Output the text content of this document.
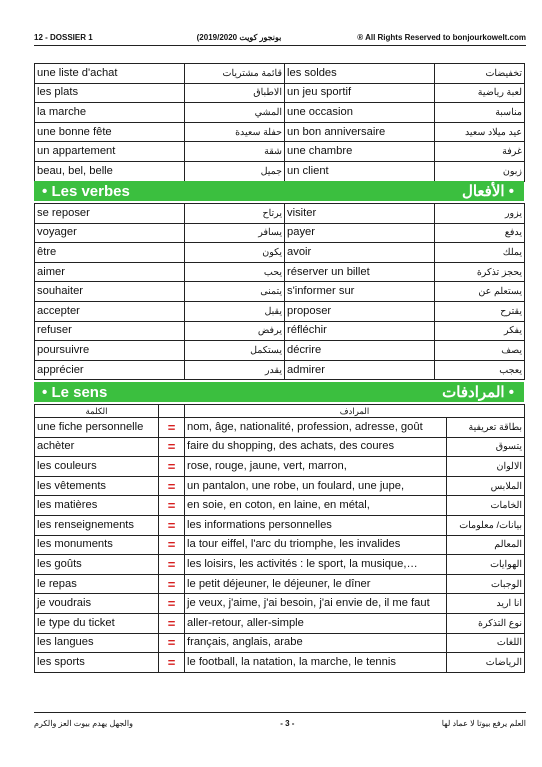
12 - DOSSIER 1	(2019/2020 بونجور كويت	® All Rights Reserved to bonjourkowelt.com
une liste d'achat	قائمة مشتريات	les soldes	تخفيضات
les plats	الاطباق	un jeu sportif	لعبة رياضية
la marche	المشي	une occasion	مناسبة
une bonne fête	حفلة سعيدة	un bon anniversaire	عيد ميلاد سعيد
un appartement	شقة	une chambre	غرفة
beau, bel, belle	جميل	un client	زبون
• Les verbes	الأفعال •
se reposer	يرتاح	visiter	يزور
voyager	يسافر	payer	يدفع
être	يكون	avoir	يملك
aimer	يحب	réserver un billet	يحجز تذكرة
souhaiter	يتمنى	s'informer sur	يستعلم عن
accepter	يقبل	proposer	يقترح
refuser	يرفض	réfléchir	يفكر
poursuivre	يستكمل	décrire	يصف
apprécier	يقدر	admirer	يعجب
• Le sens	المرادفات •
الكلمة		المرادف	
une fiche personnelle	=	nom, âge, nationalité, profession, adresse, goût	بطاقة تعريفية
achèter	=	faire du shopping, des achats, des coures	يتسوق
les couleurs	=	rose, rouge, jaune, vert, marron,	الالوان
les vêtements	=	un pantalon, une robe, un foulard, une jupe,	الملابس
les matières	=	en soie, en coton, en laine, en métal,	الخامات
les renseignements	=	les informations personnelles	بيانات/ معلومات
les monuments	=	la tour eiffel, l'arc du triomphe, les invalides	المعالم
les goûts	=	les loisirs, les activités : le sport, la musique,…	الهوايات
le repas	=	le petit déjeuner, le déjeuner, le dîner	الوجبات
je voudrais	=	je veux, j'aime, j'ai besoin, j'ai envie de, il me faut	انا اريد
le type du ticket	=	aller-retour, aller-simple	نوع التذكرة
les langues	=	français, anglais, arabe	اللغات
les sports	=	le football, la natation, la marche, le tennis	الرياضات
والجهل يهدم بيوت العز والكرم	- 3 -	العلم يرفع بيوتا لا عماد لها
